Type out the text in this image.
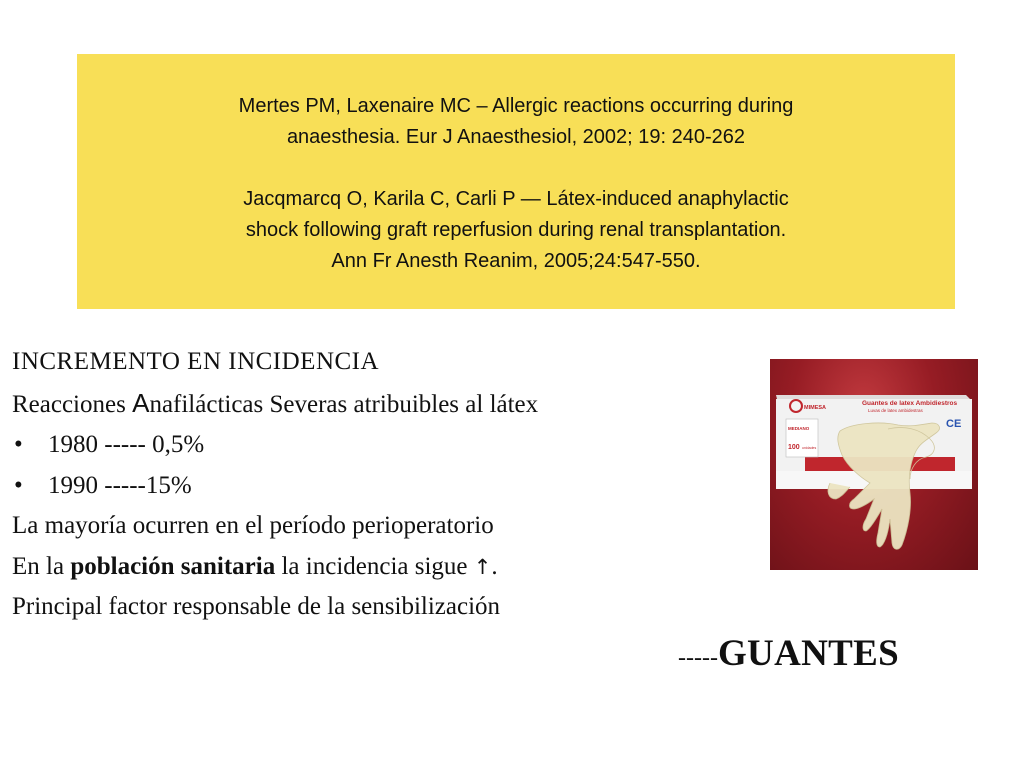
Mertes PM, Laxenaire MC – Allergic reactions occurring during

anaesthesia. Eur J Anaesthesiol, 2002; 19: 240-262

Jacqmarcq O, Karila C, Carli P — Látex-induced anaphylactic

shock following graft reperfusion during renal transplantation.

Ann Fr Anesth Reanim, 2005;24:547-550.

INCREMENTO EN INCIDENCIA
Reacciones Anafilácticas Severas atribuibles al látex
• 1980 ----- 0,5%
• 1990 -----15%
La mayoría ocurren en el período perioperatorio
En la población sanitaria la incidencia sigue ↑.
Principal factor responsable de la sensibilización
-----GUANTES
MIMESA
Guantes de latex Ambidiestros
Luvas de latex ambidestras
MEDIANO
100 unidades
CE
